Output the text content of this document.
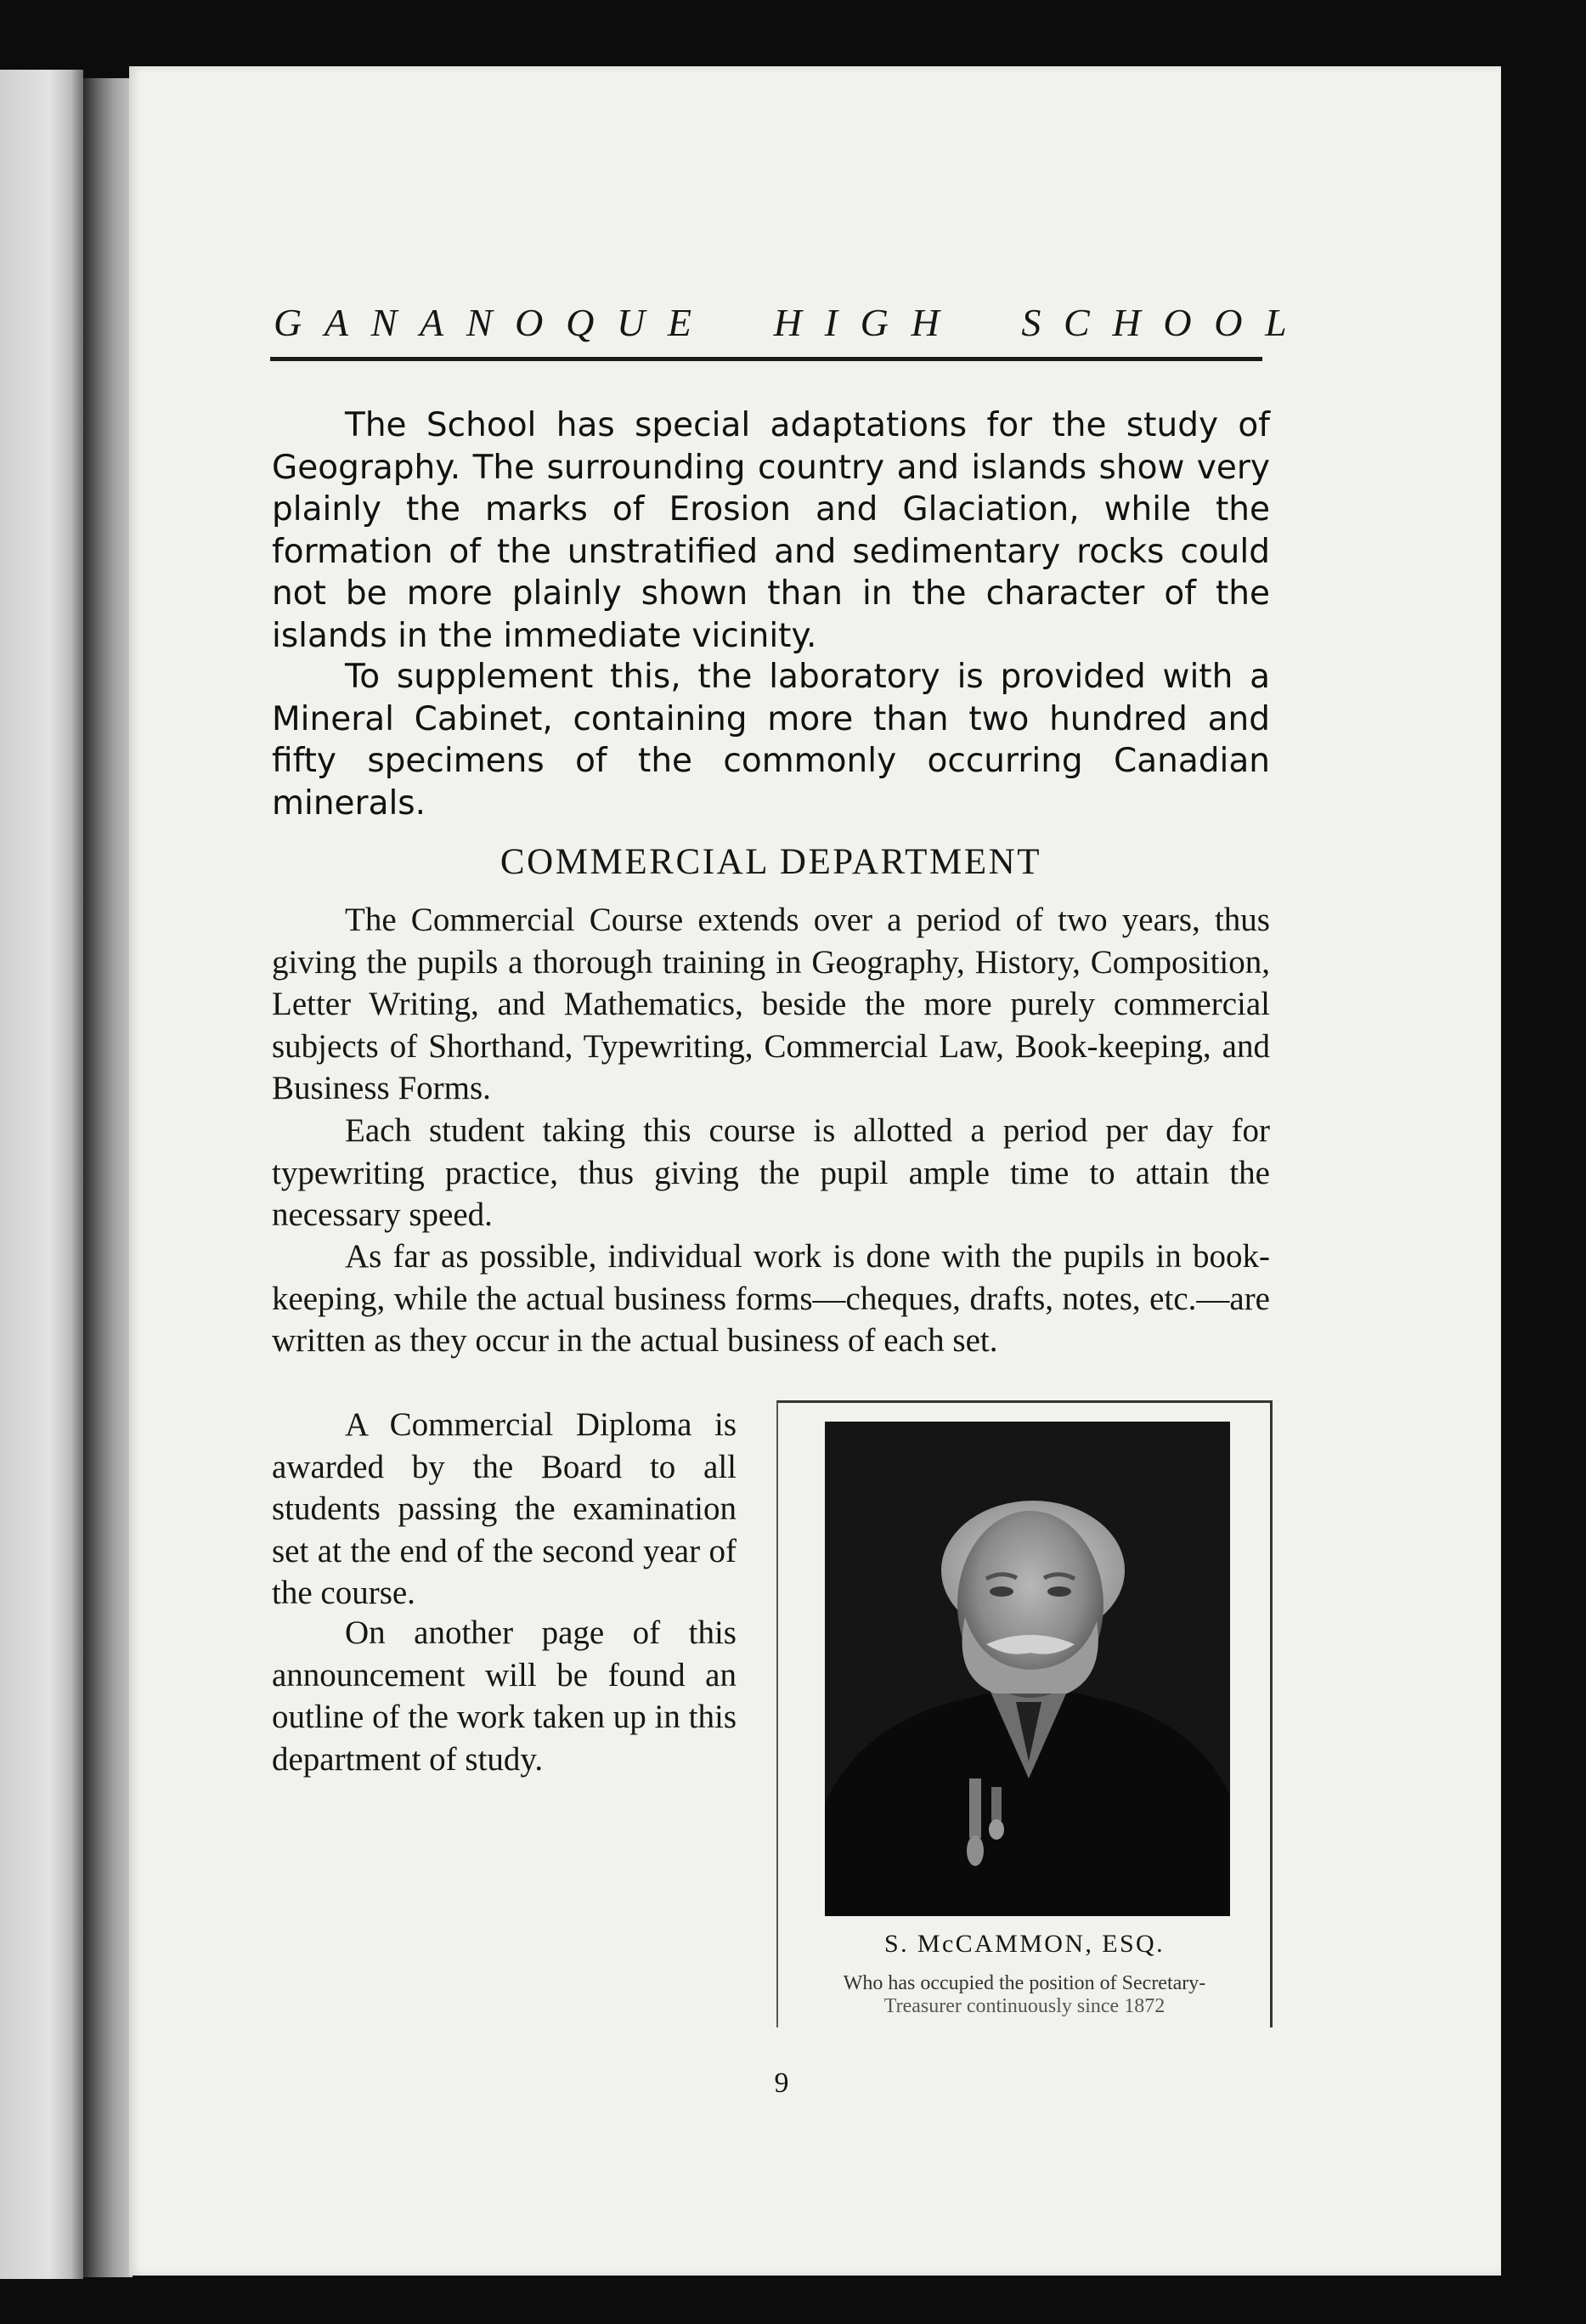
GANANOQUE HIGH SCHOOL

The School has special adaptations for the study of Geography. The surrounding country and islands show very plainly the marks of Erosion and Glaciation, while the formation of the unstratified and sedimentary rocks could not be more plainly shown than in the character of the islands in the immediate vicinity.

To supplement this, the laboratory is provided with a Mineral Cabinet, containing more than two hundred and fifty specimens of the commonly occurring Canadian minerals.

COMMERCIAL DEPARTMENT

The Commercial Course extends over a period of two years, thus giving the pupils a thorough training in Geography, History, Composition, Letter Writing, and Mathematics, beside the more purely commercial subjects of Shorthand, Typewriting, Commercial Law, Book-keeping, and Business Forms.

Each student taking this course is allotted a period per day for typewriting practice, thus giving the pupil ample time to attain the necessary speed.

As far as possible, individual work is done with the pupils in book-keeping, while the actual business forms—cheques, drafts, notes, etc.—are written as they occur in the actual business of each set.

A Commercial Diploma is awarded by the Board to all students passing the examination set at the end of the second year of the course.

On another page of this announcement will be found an outline of the work taken up in this department of study.

S. McCAMMON, ESQ.
Who has occupied the position of Secretary-
Treasurer continuously since 1872
9
